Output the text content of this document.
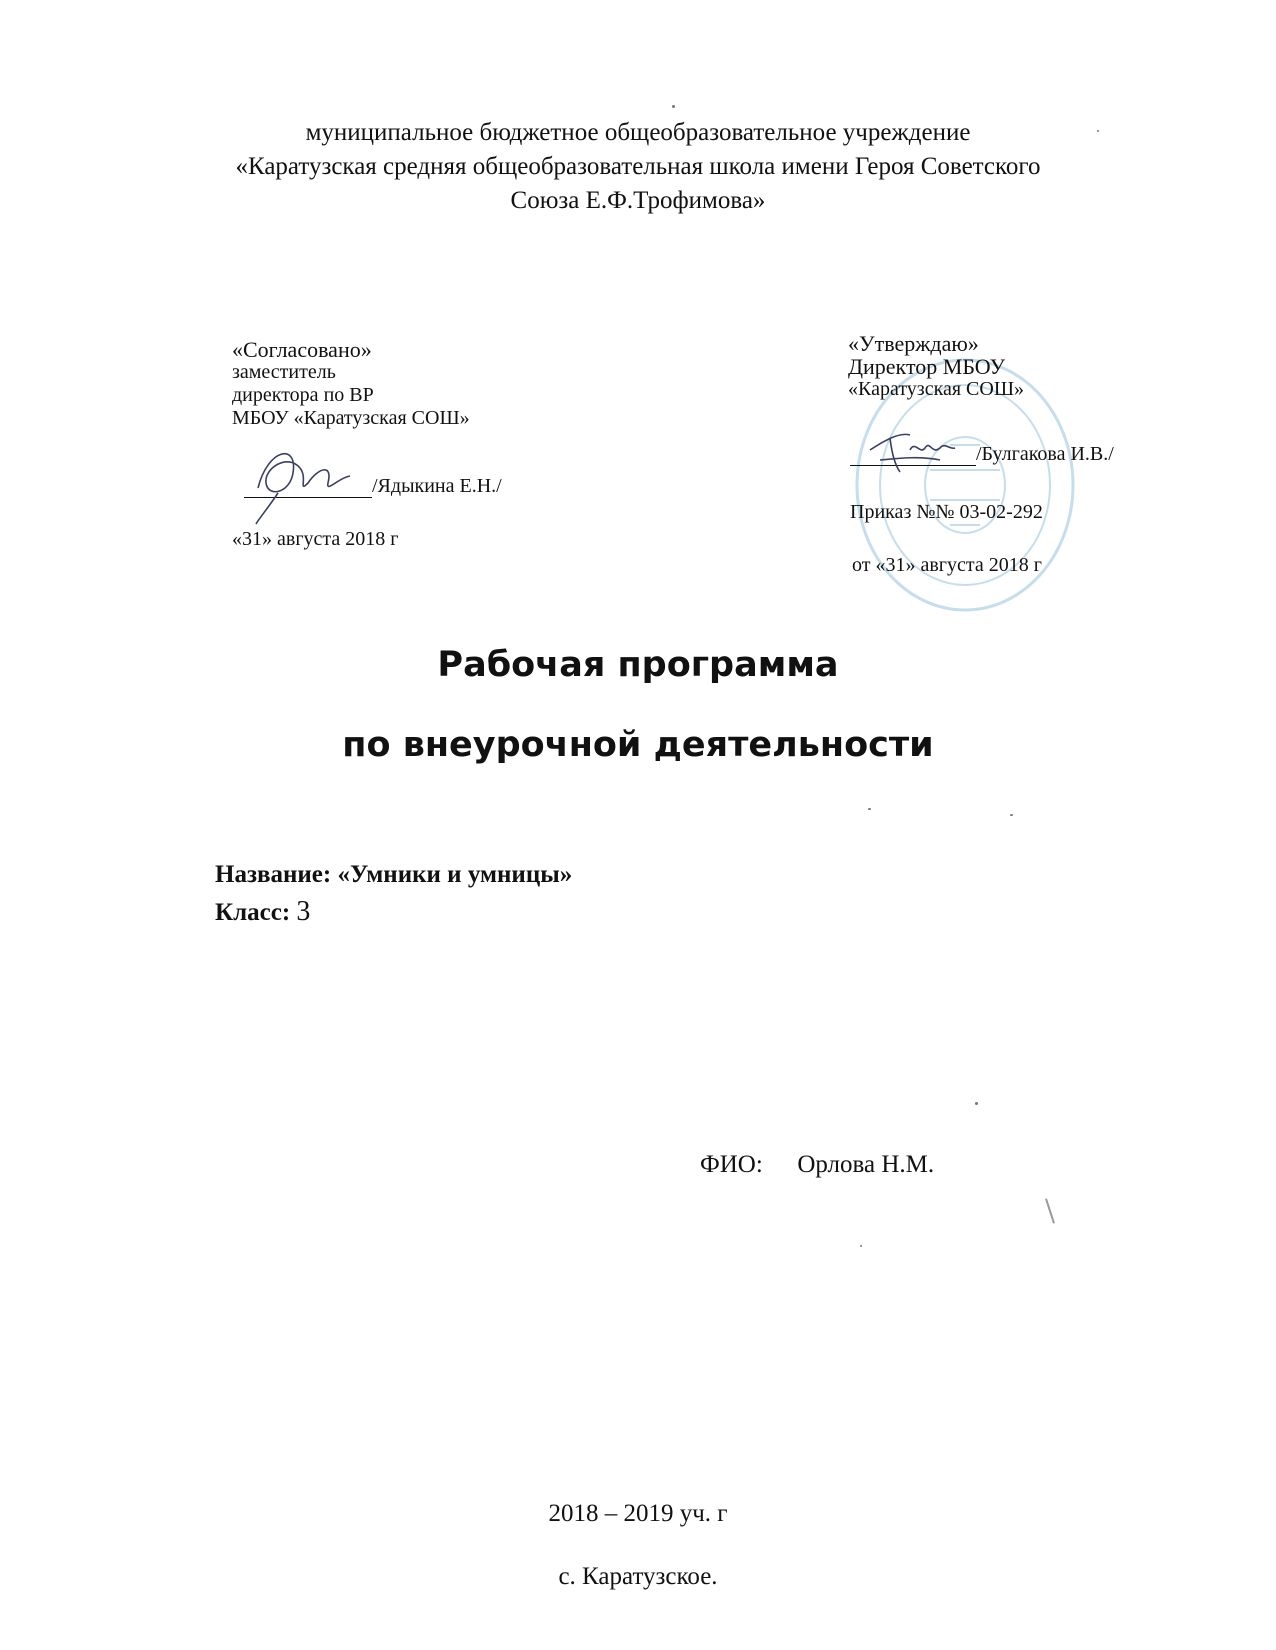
муниципальное бюджетное общеобразовательное учреждение
«Каратузская средняя общеобразовательная школа имени Героя Советского
Союза Е.Ф.Трофимова»
«Согласовано»
заместитель
директора по ВР
МБОУ «Каратузская СОШ»
/Ядыкина Е.Н./
«31» августа 2018 г
«Утверждаю»
Директор МБОУ
«Каратузская СОШ»
/Булгакова И.В./
Приказ №№ 03-02-292
от «31» августа 2018 г
Рабочая программа
по внеурочной деятельности
Название: «Умники и умницы»
Класс: 3
ФИО: Орлова Н.М.
2018 – 2019 уч. г
с. Каратузское.
